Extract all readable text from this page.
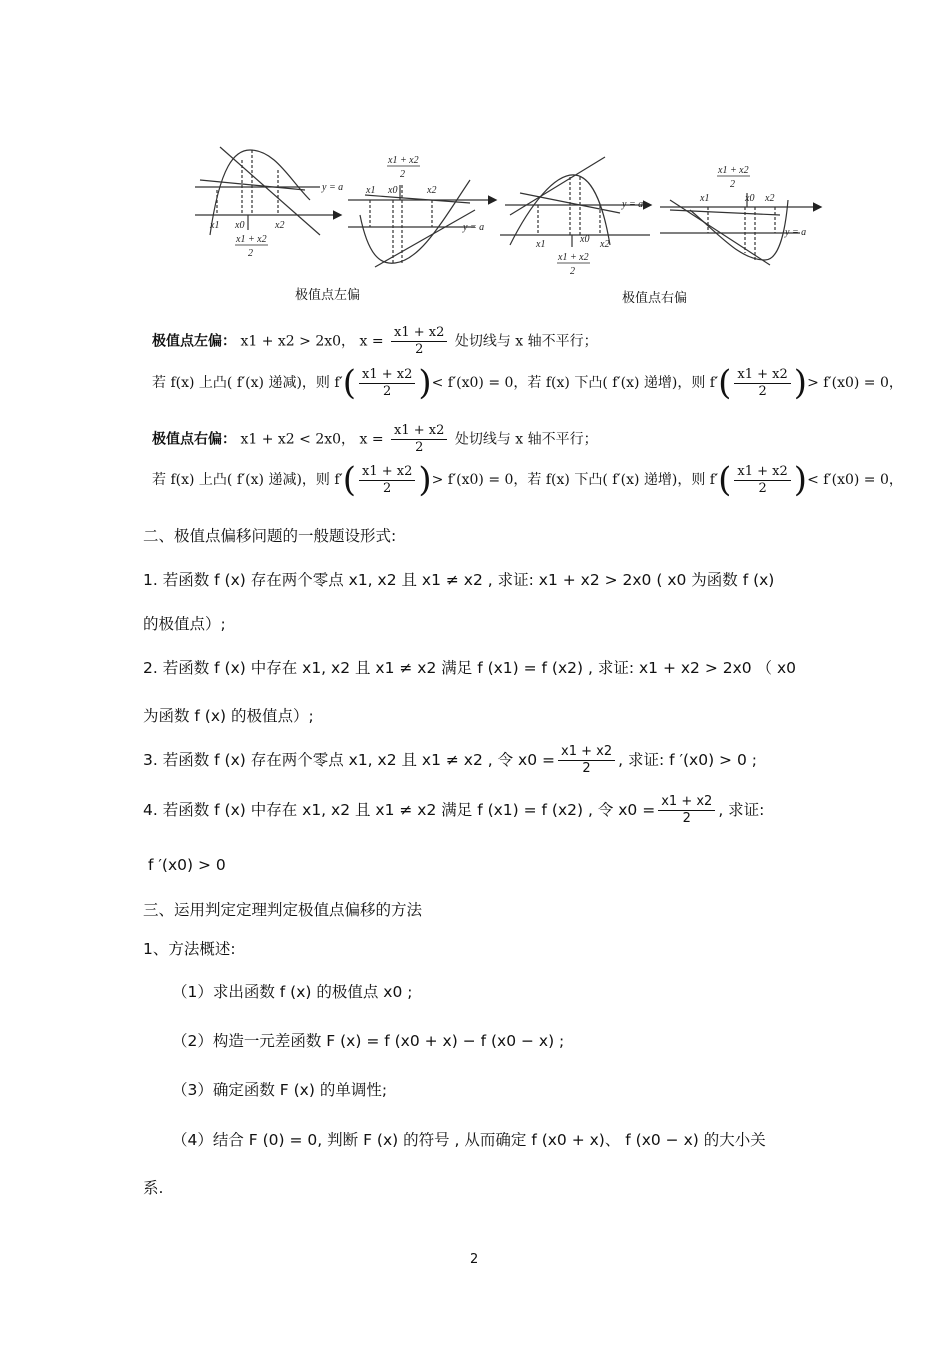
y = a
x1 x0	x2
x1 + x2
2
y = a
x1 x0	x2
x1 + x2
2
y = a
x1	x0 x2
x1 + x2
2
y = a
x1	x0 x2
x1 + x2
2
极值点左偏	极值点右偏
极值点左偏： x1 + x2 > 2x0， $x = \frac{x1 + x2}{2}$ 处切线与 x 轴不平行；
若 f(x) 上凸( f′(x) 递减)，则 $f'( \frac{x1 + x2}{2}$ )< f′(x0) = 0，若 f(x) 下凸( f′(x) 递增)，则 $f'( \frac{x1 + x2}{2}$ )> f′(x0) = 0，
极值点右偏： x1 + x2 < 2x0， $x = \frac{x1 + x2}{2}$ 处切线与 x 轴不平行；
若 f(x) 上凸( f′(x) 递减)，则 $f'( \frac{x1 + x2}{2}$ )> f′(x0) = 0，若 f(x) 下凸( f′(x) 递增)，则 $f'( \frac{x1 + x2}{2}$ )< f′(x0) = 0，
二、极值点偏移问题的一般题设形式:
1. 若函数 f (x) 存在两个零点 x1, x2 且 x1 ≠ x2 , 求证: x1 + x2 > 2x0 ( x0 为函数 f (x)
的极值点）;
2. 若函数 f (x) 中存在 x1, x2 且 x1 ≠ x2 满足 f (x1) = f (x2) , 求证: x1 + x2 > 2x0 （ x0
为函数 f (x) 的极值点）;
3. 若函数 f (x) 存在两个零点 x1, x2 且 x1 ≠ x2 , 令 $x0 = \frac{x1 + x2}{2}$ , 求证: f ′(x0) > 0 ;
4. 若函数 f (x) 中存在 x1, x2 且 x1 ≠ x2 满足 f (x1) = f (x2) , 令 $x0 = \frac{x1 + x2}{2}$ , 求证:
f ′(x0) > 0
三、运用判定定理判定极值点偏移的方法
1、方法概述:
（1）求出函数 f (x) 的极值点 x0 ;
（2）构造一元差函数 F (x) = f (x0 + x) − f (x0 − x) ;
（3）确定函数 F (x) 的单调性;
（4）结合 F (0) = 0, 判断 F (x) 的符号 , 从而确定 f (x0 + x)、 f (x0 − x) 的大小关
系.
2
